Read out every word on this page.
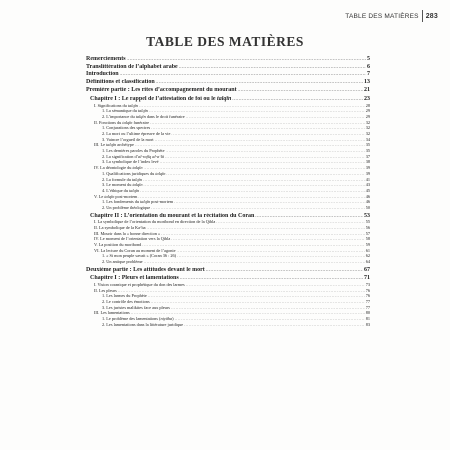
TABLE DES MATIÈRES 283
TABLE DES MATIÈRES
Remerciements .....	5
Translittération de l’alphabet arabe .....	6
Introduction .....	7
Définitions et classification .....	13
Première partie : Les rites d’accompagnement du mourant .....	21
Chapitre I : Le rappel de l’attestation de foi ou le talqīn .....	23
I. Significations du talqīn .....	28
1. La sémantique du talqīn .....	29
2. L’importance du talqīn dans le droit funéraire .....	29
II. Fonctions du talqīn funéraire .....	32
1. Conjurations des spectres .....	32
2. La mort ou l’ultime épreuve de la vie .....	32
3. Vaincre l’orgueil de la mort .....	34
III. Le talqīn archétype .....	35
1. Les dernières paroles du Prophète .....	35
2. La signification d’al-rafīq al-a‘lā .....	37
3. La symbolique de l’index levé .....	38
IV. La déontologie du talqīn .....	39
1. Qualifications juridiques du talqīn .....	39
2. La formule du talqīn .....	41
3. Le moment du talqīn .....	43
4. L’éthique du talqīn .....	45
V. Le talqīn post-mortem .....	46
1. Les fondements du talqīn post-mortem .....	46
2. Un problème théologique .....	50
Chapitre II : L’orientation du mourant et la récitation du Coran .....	53
I. La symbolique de l’orientation du moribond en direction de la Qibla .....	55
II. La symbolique de la Ka‘ba .....	56
III. Mourir dans la « bonne direction » .....	57
IV. Le moment de l’orientation vers la Qibla .....	58
V. La position du moribond .....	59
VI. La lecture du Coran au moment de l’agonie .....	61
1. « Si mon peuple savait » (Coran 36 : 26) .....	62
2. Un antique problème .....	64
Deuxième partie : Les attitudes devant le mort .....	67
Chapitre I : Pleurs et lamentations .....	71
I. Vision coranique et prophétique du don des larmes .....	73
II. Les pleurs .....	76
1. Les larmes du Prophète .....	76
2. Le contrôle des émotions .....	77
3. Les juristes malikites face aux pleurs .....	77
III. Les lamentations .....	80
1. Le problème des lamentations (niyāha) .....	81
2. Les lamentations dans la littérature juridique .....	83
